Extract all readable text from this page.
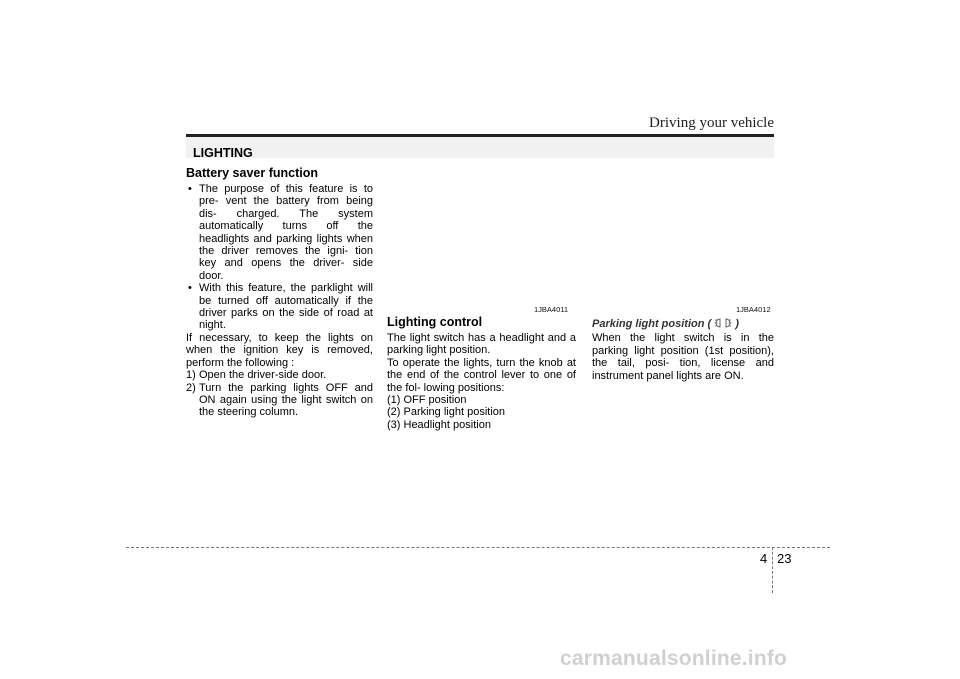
Driving your vehicle
LIGHTING
Battery saver function
• The purpose of this feature is to pre- vent the battery from being dis- charged. The system automatically turns off the headlights and parking lights when the driver removes the igni- tion key and opens the driver- side door.
• With this feature, the parklight will be turned off automatically if the driver parks on the side of road at night.

If necessary, to keep the lights on when the ignition key is removed, perform the following :

1) Open the driver-side door.
2) Turn the parking lights OFF and ON again using the light switch on the steering column.
1JBA4011	1JBA4012
Lighting control

The light switch has a headlight and a parking light position.

To operate the lights, turn the knob at the end of the control lever to one of the fol- lowing positions:

(1) OFF position
(2) Parking light position
(3) Headlight position
Parking light position ( )

When the light switch is in the parking light position (1st position), the tail, posi- tion, license and instrument panel lights are ON.

4 23
carmanualsonline.info
